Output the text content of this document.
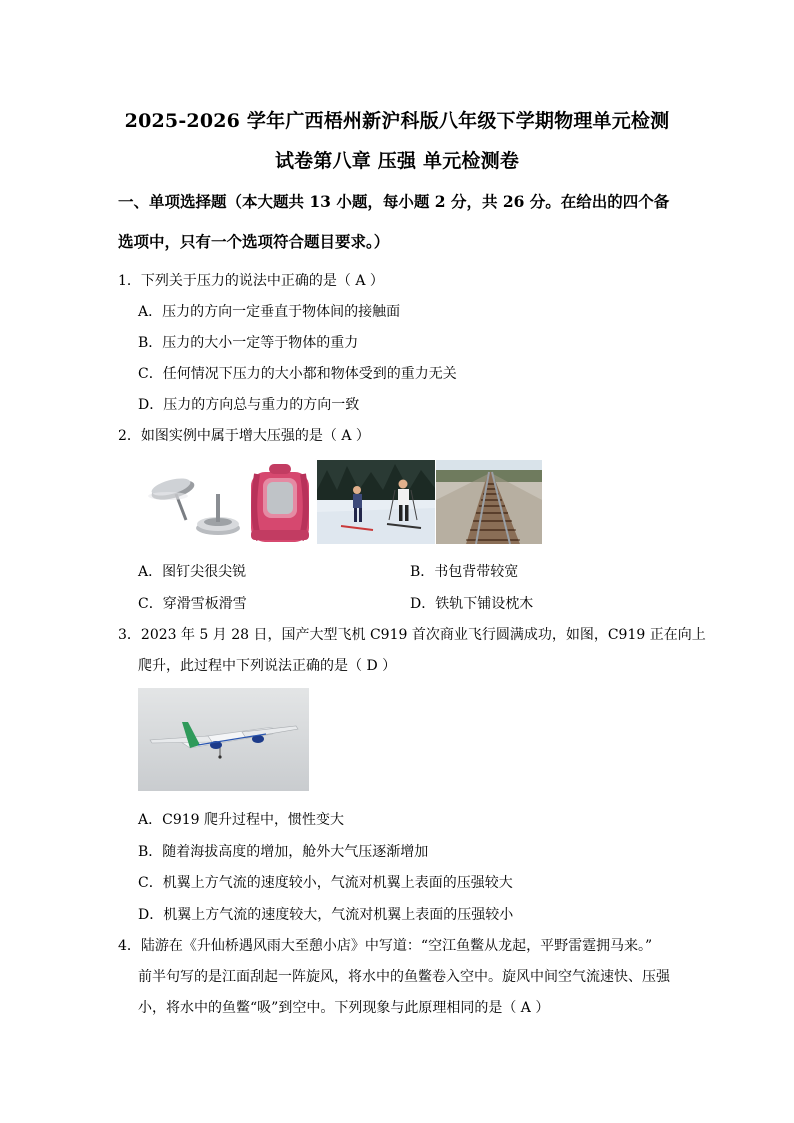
2025-2026 学年广西梧州新沪科版八年级下学期物理单元检测
试卷第八章 压强 单元检测卷
一、单项选择题（本大题共 13 小题，每小题 2 分，共 26 分。在给出的四个备
选项中，只有一个选项符合题目要求。）
1．下列关于压力的说法中正确的是（ A ）
A．压力的方向一定垂直于物体间的接触面
B．压力的大小一定等于物体的重力
C．任何情况下压力的大小都和物体受到的重力无关
D．压力的方向总与重力的方向一致
2．如图实例中属于增大压强的是（ A ）
A．图钉尖很尖锐	B．书包背带较宽
C．穿滑雪板滑雪	D．铁轨下铺设枕木
3．2023 年 5 月 28 日，国产大型飞机 C919 首次商业飞行圆满成功，如图，C919 正在向上
爬升，此过程中下列说法正确的是（ D ）
A．C919 爬升过程中，惯性变大
B．随着海拔高度的增加，舱外大气压逐渐增加
C．机翼上方气流的速度较小，气流对机翼上表面的压强较大
D．机翼上方气流的速度较大，气流对机翼上表面的压强较小
4．陆游在《升仙桥遇风雨大至憩小店》中写道：“空江鱼鳖从龙起，平野雷霆拥马来。”
前半句写的是江面刮起一阵旋风，将水中的鱼鳖卷入空中。旋风中间空气流速快、压强
小，将水中的鱼鳖“吸”到空中。下列现象与此原理相同的是（ A ）
